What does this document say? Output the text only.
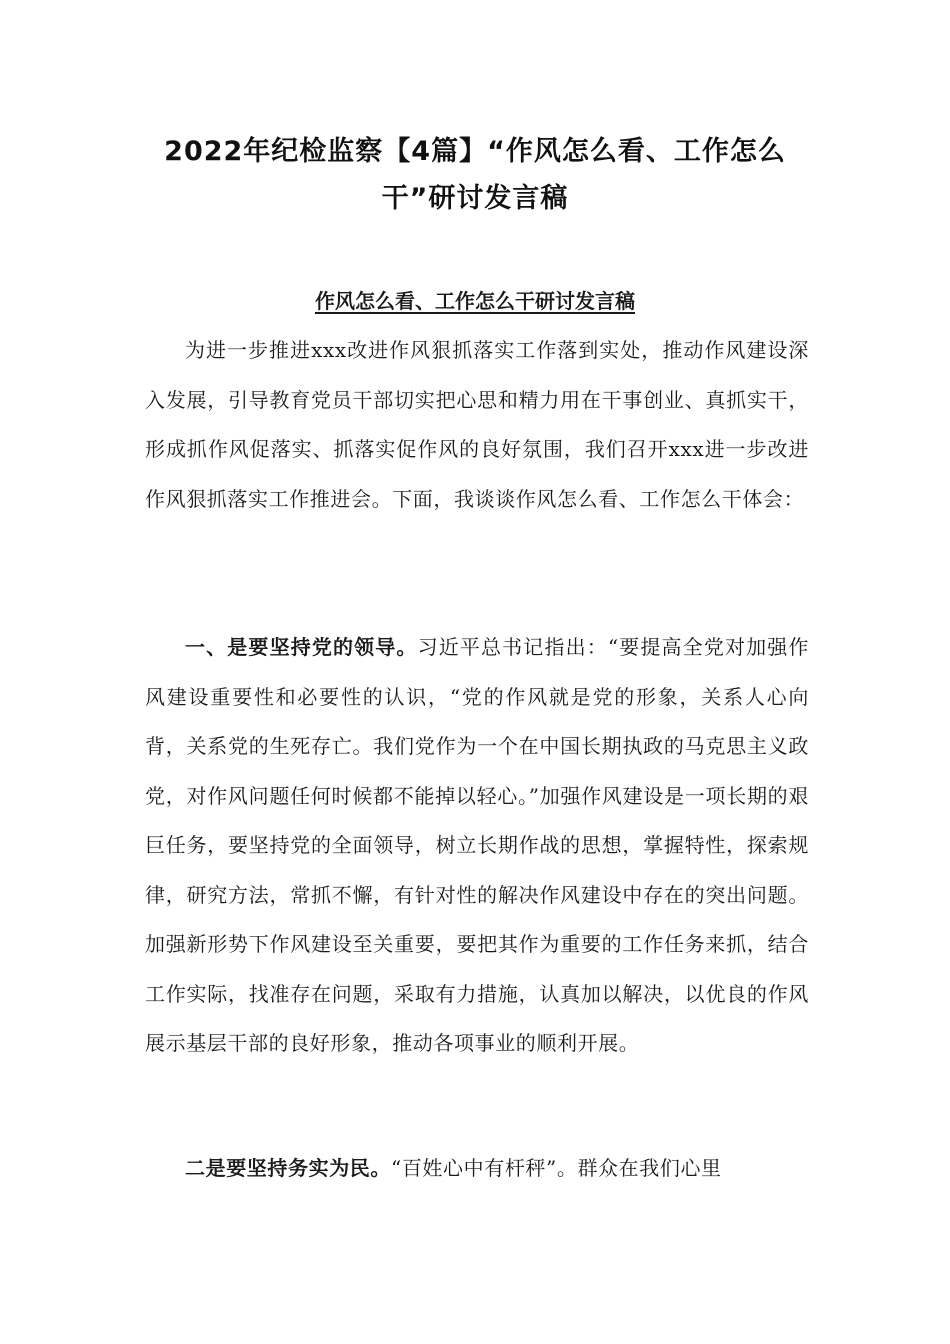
2022年纪检监察【4篇】“作风怎么看、工作怎么
干”研讨发言稿
作风怎么看、工作怎么干研讨发言稿

为进一步推进xxx改进作风狠抓落实工作落到实处，推动作风建设深入发展，引导教育党员干部切实把心思和精力用在干事创业、真抓实干，形成抓作风促落实、抓落实促作风的良好氛围，我们召开xxx进一步改进作风狠抓落实工作推进会。下面，我谈谈作风怎么看、工作怎么干体会：

一、是要坚持党的领导。习近平总书记指出：“要提高全党对加强作风建设重要性和必要性的认识，“党的作风就是党的形象，关系人心向背，关系党的生死存亡。我们党作为一个在中国长期执政的马克思主义政党，对作风问题任何时候都不能掉以轻心。”加强作风建设是一项长期的艰巨任务，要坚持党的全面领导，树立长期作战的思想，掌握特性，探索规律，研究方法，常抓不懈，有针对性的解决作风建设中存在的突出问题。加强新形势下作风建设至关重要，要把其作为重要的工作任务来抓，结合工作实际，找准存在问题，采取有力措施，认真加以解决，以优良的作风展示基层干部的良好形象，推动各项事业的顺利开展。

二是要坚持务实为民。“百姓心中有杆秤”。群众在我们心里
